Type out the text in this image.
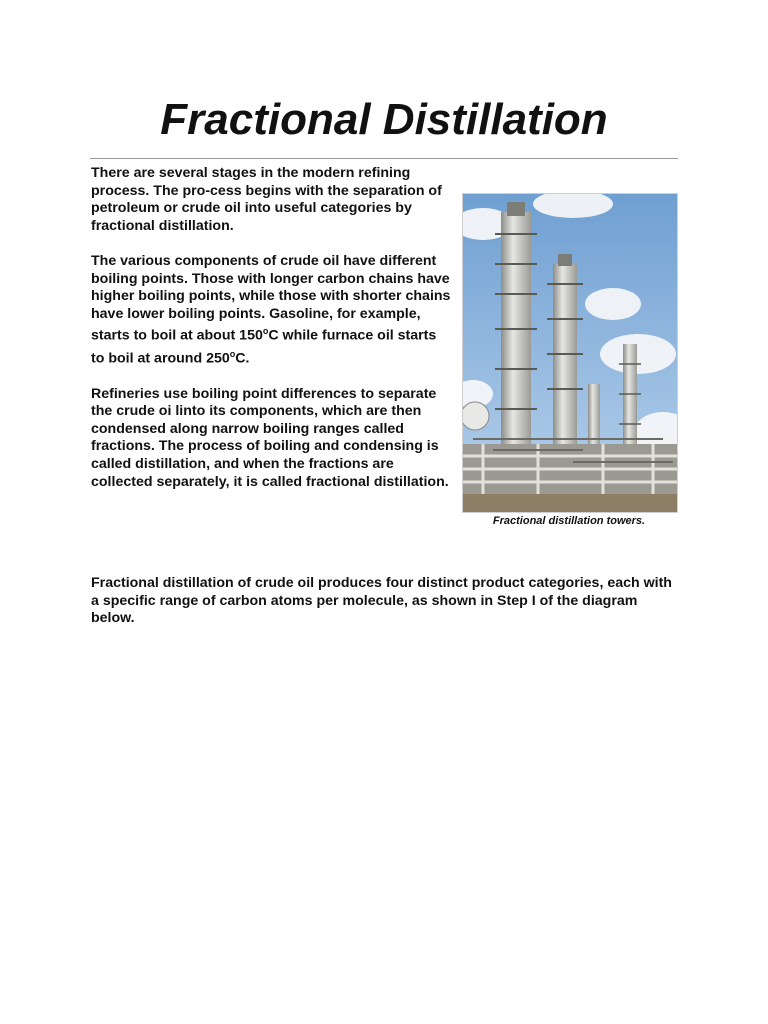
Fractional Distillation

There are several stages in the modern refining process. The pro-cess begins with the separation of petroleum or crude oil into useful categories by fractional distillation.

The various components of crude oil have different boiling points. Those with longer carbon chains have higher boiling points, while those with shorter chains have lower boiling points. Gasoline, for example, starts to boil at about 150$^o$C while furnace oil starts to boil at around 250$^o$C.

Refineries use boiling point differences to separate the crude oi linto its components, which are then condensed along narrow boiling ranges called fractions. The process of boiling and condensing is called distillation, and when the fractions are collected separately, it is called fractional distillation.

Fractional distillation towers.

Fractional distillation of crude oil produces four distinct product categories, each with a specific range of carbon atoms per molecule, as shown in Step I of the diagram below.
